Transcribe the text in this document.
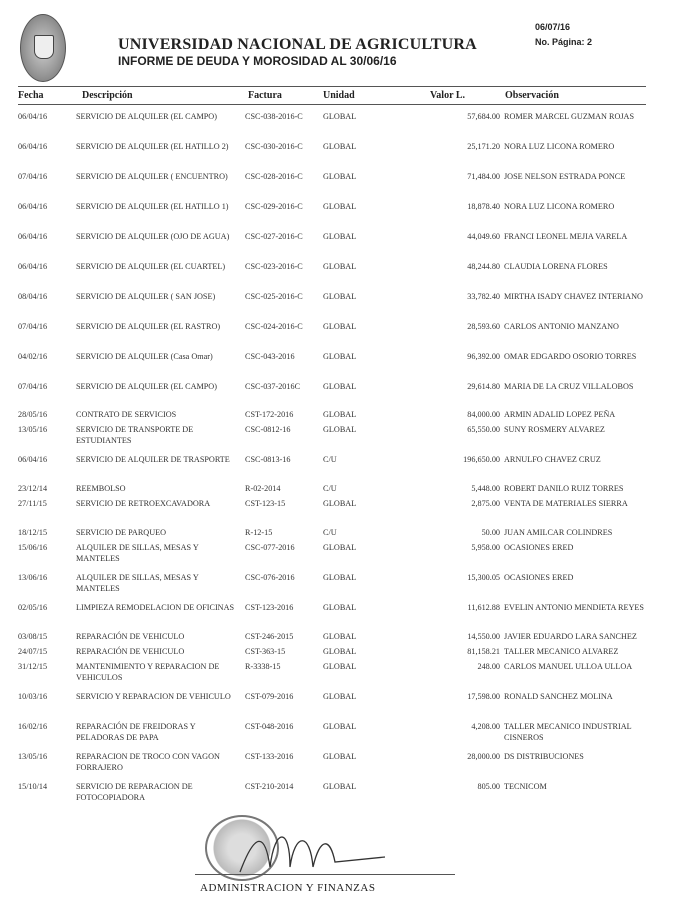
UNIVERSIDAD NACIONAL DE AGRICULTURA
INFORME DE DEUDA Y MOROSIDAD AL 30/06/16
06/07/16
No. Página: 2
Fecha	Descripción	Factura	Unidad	Valor L.	Observación
06/04/16	SERVICIO DE ALQUILER (EL CAMPO)	CSC-038-2016-C GLOBAL	57,684.00 ROMER MARCEL GUZMAN ROJAS
06/04/16	SERVICIO DE ALQUILER (EL HATILLO 2)	CSC-030-2016-C GLOBAL	25,171.20 NORA LUZ LICONA ROMERO
07/04/16	SERVICIO DE ALQUILER ( ENCUENTRO)	CSC-028-2016-C GLOBAL	71,484.00 JOSE NELSON ESTRADA PONCE
06/04/16	SERVICIO DE ALQUILER (EL HATILLO 1)	CSC-029-2016-C GLOBAL	18,878.40 NORA LUZ LICONA ROMERO
06/04/16	SERVICIO DE ALQUILER (OJO DE AGUA)	CSC-027-2016-C GLOBAL	44,049.60 FRANCI LEONEL MEJIA VARELA
06/04/16	SERVICIO DE ALQUILER (EL CUARTEL)	CSC-023-2016-C GLOBAL	48,244.80 CLAUDIA LORENA FLORES
08/04/16	SERVICIO DE ALQUILER ( SAN JOSE)	CSC-025-2016-C GLOBAL	33,782.40 MIRTHA ISADY CHAVEZ INTERIANO
07/04/16	SERVICIO DE ALQUILER (EL RASTRO)	CSC-024-2016-C GLOBAL	28,593.60 CARLOS ANTONIO MANZANO
04/02/16	SERVICIO DE ALQUILER (Casa Omar)	CSC-043-2016	GLOBAL	96,392.00 OMAR EDGARDO OSORIO TORRES
07/04/16	SERVICIO DE ALQUILER (EL CAMPO)	CSC-037-2016C	GLOBAL	29,614.80 MARIA DE LA CRUZ VILLALOBOS
28/05/16	CONTRATO DE SERVICIOS	CST-172-2016	GLOBAL	84,000.00 ARMIN ADALID LOPEZ PEÑA
13/05/16	SERVICIO DE TRANSPORTE DE ESTUDIANTES
CSC-0812-16	GLOBAL	65,550.00 SUNY ROSMERY ALVAREZ
06/04/16	SERVICIO DE ALQUILER DE TRASPORTE	CSC-0813-16	C/U	196,650.00 ARNULFO CHAVEZ CRUZ
23/12/14	REEMBOLSO	R-02-2014	C/U	5,448.00 ROBERT DANILO RUIZ TORRES
27/11/15	SERVICIO DE RETROEXCAVADORA	CST-123-15	GLOBAL	2,875.00 VENTA DE MATERIALES SIERRA
18/12/15	SERVICIO DE PARQUEO	R-12-15	C/U	50.00 JUAN AMILCAR COLINDRES
15/06/16	ALQUILER DE SILLAS, MESAS Y MANTELES
CSC-077-2016	GLOBAL	5,958.00 OCASIONES ERED
13/06/16	ALQUILER DE SILLAS, MESAS Y MANTELES
CSC-076-2016	GLOBAL	15,300.05 OCASIONES ERED
02/05/16	LIMPIEZA REMODELACION DE OFICINAS CST-123-2016	GLOBAL	11,612.88 EVELIN ANTONIO MENDIETA REYES
03/08/15	REPARACIÓN DE VEHICULO	CST-246-2015	GLOBAL	14,550.00 JAVIER EDUARDO LARA SANCHEZ
24/07/15	REPARACIÓN DE VEHICULO	CST-363-15	GLOBAL	81,158.21 TALLER MECANICO ALVAREZ
31/12/15	MANTENIMIENTO Y REPARACION DE VEHICULOS
R-3338-15	GLOBAL	248.00 CARLOS MANUEL ULLOA ULLOA
10/03/16	SERVICIO Y REPARACION DE VEHICULO	CST-079-2016	GLOBAL	17,598.00 RONALD SANCHEZ MOLINA
16/02/16	REPARACIÓN DE FREIDORAS Y PELADORAS DE PAPA
CST-048-2016	GLOBAL	4,208.00 TALLER MECANICO INDUSTRIAL CISNEROS
13/05/16	REPARACION DE TROCO CON VAGON FORRAJERO
CST-133-2016	GLOBAL	28,000.00 DS DISTRIBUCIONES
15/10/14	SERVICIO DE REPARACION DE FOTOCOPIADORA
CST-210-2014	GLOBAL	805.00 TECNICOM
ADMINISTRACION Y FINANZAS
